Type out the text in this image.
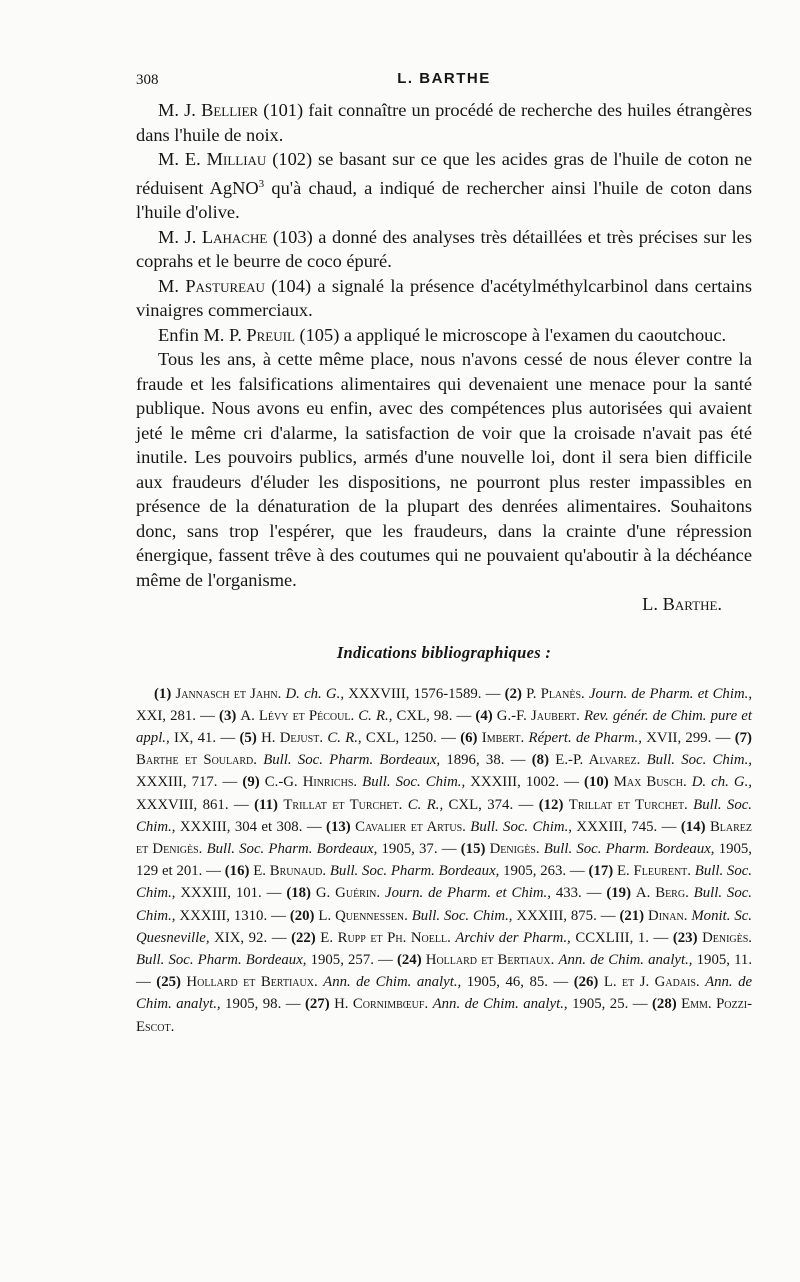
308	L. BARTHE

M. J. Bellier (101) fait connaître un procédé de recherche des huiles étrangères dans l'huile de noix.

M. E. Milliau (102) se basant sur ce que les acides gras de l'huile de coton ne réduisent AgNO$^3$ qu'à chaud, a indiqué de rechercher ainsi l'huile de coton dans l'huile d'olive.

M. J. Lahache (103) a donné des analyses très détaillées et très précises sur les coprahs et le beurre de coco épuré.

M. Pastureau (104) a signalé la présence d'acétylméthylcarbinol dans certains vinaigres commerciaux.

Enfin M. P. Preuil (105) a appliqué le microscope à l'examen du caoutchouc.

Tous les ans, à cette même place, nous n'avons cessé de nous élever contre la fraude et les falsifications alimentaires qui devenaient une menace pour la santé publique. Nous avons eu enfin, avec des compétences plus autorisées qui avaient jeté le même cri d'alarme, la satisfaction de voir que la croisade n'avait pas été inutile. Les pouvoirs publics, armés d'une nouvelle loi, dont il sera bien difficile aux fraudeurs d'éluder les dispositions, ne pourront plus rester impassibles en présence de la dénaturation de la plupart des denrées alimentaires. Souhaitons donc, sans trop l'espérer, que les fraudeurs, dans la crainte d'une répression énergique, fassent trêve à des coutumes qui ne pouvaient qu'aboutir à la déchéance même de l'organisme.

L. Barthe.

Indications bibliographiques :

(1) Jannasch et Jahn. D. ch. G., XXXVIII, 1576-1589. — (2) P. Planès. Journ. de Pharm. et Chim., XXI, 281. — (3) A. Lévy et Pécoul. C. R., CXL, 98. — (4) G.-F. Jaubert. Rev. génér. de Chim. pure et appl., IX, 41. — (5) H. Dejust. C. R., CXL, 1250. — (6) Imbert. Répert. de Pharm., XVII, 299. — (7) Barthe et Soulard. Bull. Soc. Pharm. Bordeaux, 1896, 38. — (8) E.-P. Alvarez. Bull. Soc. Chim., XXXIII, 717. — (9) C.-G. Hinrichs. Bull. Soc. Chim., XXXIII, 1002. — (10) Max Busch. D. ch. G., XXXVIII, 861. — (11) Trillat et Turchet. C. R., CXL, 374. — (12) Trillat et Turchet. Bull. Soc. Chim., XXXIII, 304 et 308. — (13) Cavalier et Artus. Bull. Soc. Chim., XXXIII, 745. — (14) Blarez et Denigès. Bull. Soc. Pharm. Bordeaux, 1905, 37. — (15) Denigès. Bull. Soc. Pharm. Bordeaux, 1905, 129 et 201. — (16) E. Brunaud. Bull. Soc. Pharm. Bordeaux, 1905, 263. — (17) E. Fleurent. Bull. Soc. Chim., XXXIII, 101. — (18) G. Guérin. Journ. de Pharm. et Chim., 433. — (19) A. Berg. Bull. Soc. Chim., XXXIII, 1310. — (20) L. Quennessen. Bull. Soc. Chim., XXXIII, 875. — (21) Dinan. Monit. Sc. Quesneville, XIX, 92. — (22) E. Rupp et Ph. Noell. Archiv der Pharm., CCXLIII, 1. — (23) Denigès. Bull. Soc. Pharm. Bordeaux, 1905, 257. — (24) Hollard et Bertiaux. Ann. de Chim. analyt., 1905, 11. — (25) Hollard et Bertiaux. Ann. de Chim. analyt., 1905, 46, 85. — (26) L. et J. Gadais. Ann. de Chim. analyt., 1905, 98. — (27) H. Cornimbœuf. Ann. de Chim. analyt., 1905, 25. — (28) Emm. Pozzi-Escot.
